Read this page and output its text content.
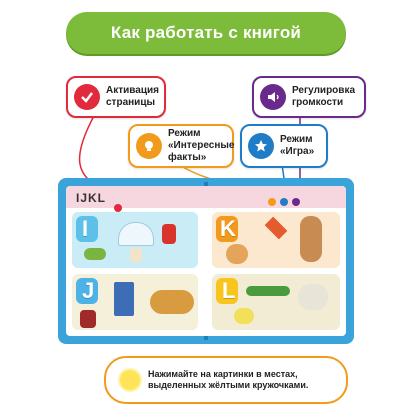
Как работать с книгой
Активация страницы
Регулировка громкости
Режим «Интересные факты»
Режим «Игра»
IJKL
I
J
K
L
Нажимайте на картинки в местах, выделенных жёлтыми кружочками.
